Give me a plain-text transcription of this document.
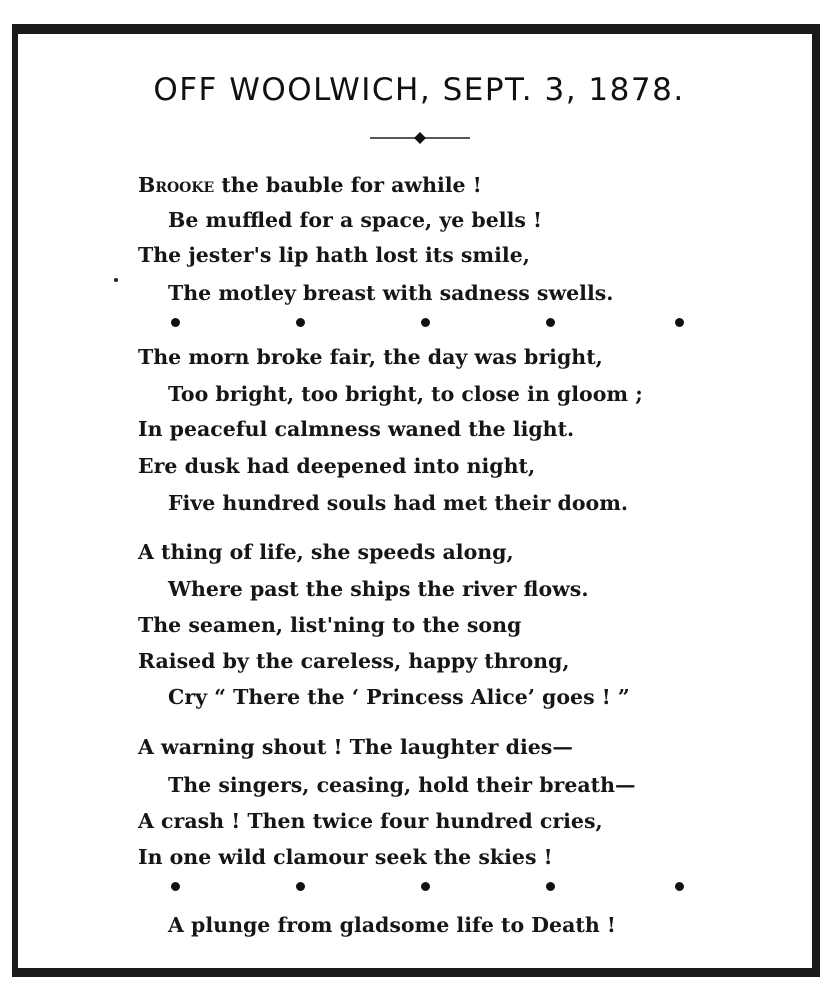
OFF WOOLWICH, SEPT. 3, 1878.
Brooke the bauble for awhile !
Be muffled for a space, ye bells !
The jester's lip hath lost its smile,
The motley breast with sadness swells.
The morn broke fair, the day was bright,
Too bright, too bright, to close in gloom ;
In peaceful calmness waned the light.
Ere dusk had deepened into night,
Five hundred souls had met their doom.
A thing of life, she speeds along,
Where past the ships the river flows.
The seamen, list'ning to the song
Raised by the careless, happy throng,
Cry “ There the ‘ Princess Alice’ goes ! ”
A warning shout ! The laughter dies—
The singers, ceasing, hold their breath—
A crash ! Then twice four hundred cries,
In one wild clamour seek the skies !
A plunge from gladsome life to Death !
